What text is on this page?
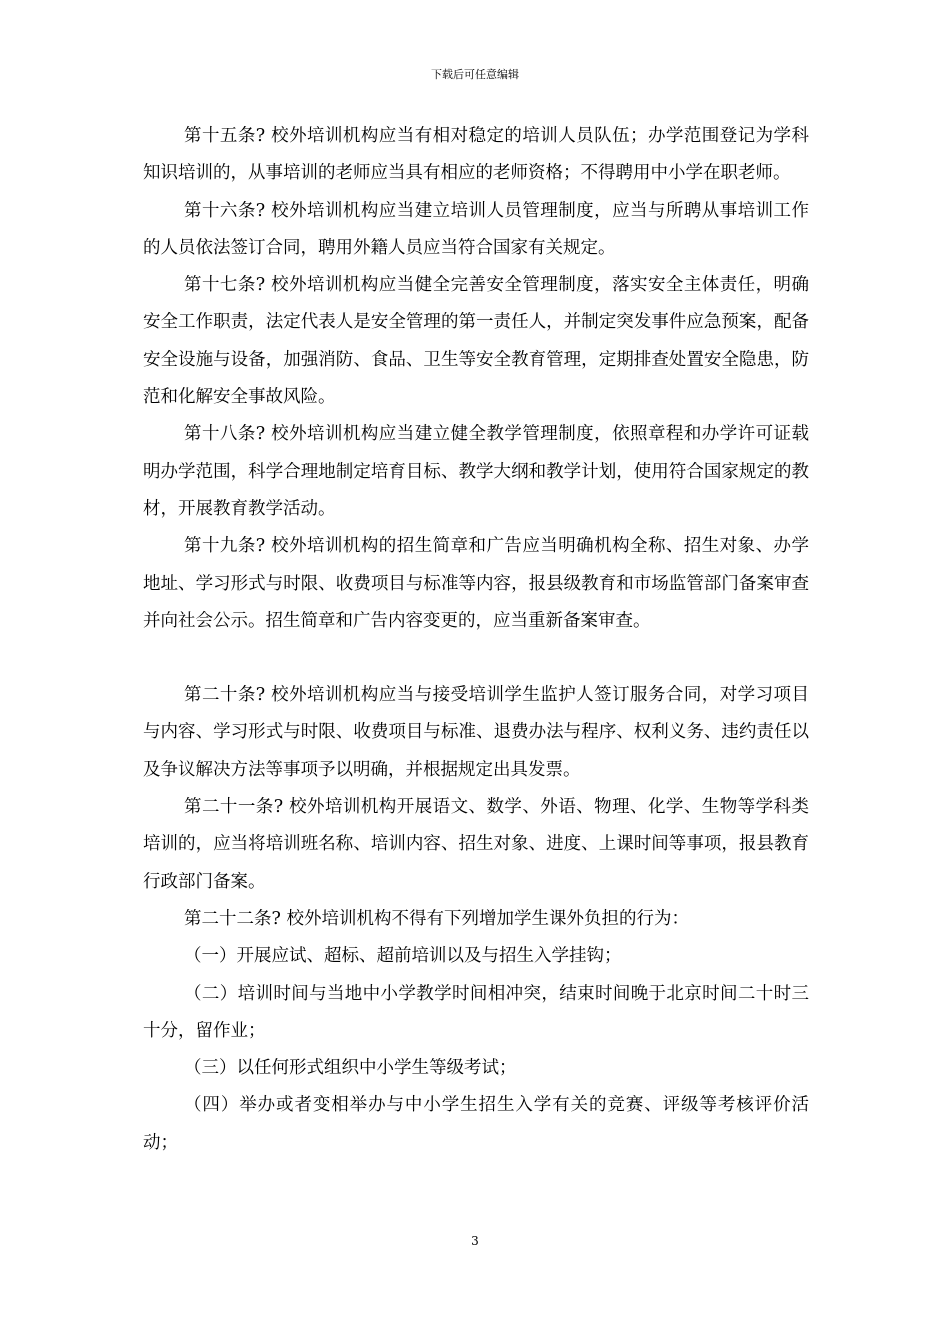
下载后可任意编辑

第十五条? 校外培训机构应当有相对稳定的培训人员队伍；办学范围登记为学科知识培训的，从事培训的老师应当具有相应的老师资格；不得聘用中小学在职老师。

第十六条? 校外培训机构应当建立培训人员管理制度，应当与所聘从事培训工作的人员依法签订合同，聘用外籍人员应当符合国家有关规定。

第十七条? 校外培训机构应当健全完善安全管理制度，落实安全主体责任，明确安全工作职责，法定代表人是安全管理的第一责任人，并制定突发事件应急预案，配备安全设施与设备，加强消防、食品、卫生等安全教育管理，定期排查处置安全隐患，防范和化解安全事故风险。

第十八条? 校外培训机构应当建立健全教学管理制度，依照章程和办学许可证载明办学范围，科学合理地制定培育目标、教学大纲和教学计划，使用符合国家规定的教材，开展教育教学活动。

第十九条? 校外培训机构的招生简章和广告应当明确机构全称、招生对象、办学地址、学习形式与时限、收费项目与标准等内容，报县级教育和市场监管部门备案审查并向社会公示。招生简章和广告内容变更的，应当重新备案审查。

第二十条? 校外培训机构应当与接受培训学生监护人签订服务合同，对学习项目与内容、学习形式与时限、收费项目与标准、退费办法与程序、权利义务、违约责任以及争议解决方法等事项予以明确，并根据规定出具发票。

第二十一条? 校外培训机构开展语文、数学、外语、物理、化学、生物等学科类培训的，应当将培训班名称、培训内容、招生对象、进度、上课时间等事项，报县教育行政部门备案。

第二十二条? 校外培训机构不得有下列增加学生课外负担的行为：

（一）开展应试、超标、超前培训以及与招生入学挂钩；

（二）培训时间与当地中小学教学时间相冲突，结束时间晚于北京时间二十时三十分，留作业；

（三）以任何形式组织中小学生等级考试；

（四）举办或者变相举办与中小学生招生入学有关的竞赛、评级等考核评价活动；

3
